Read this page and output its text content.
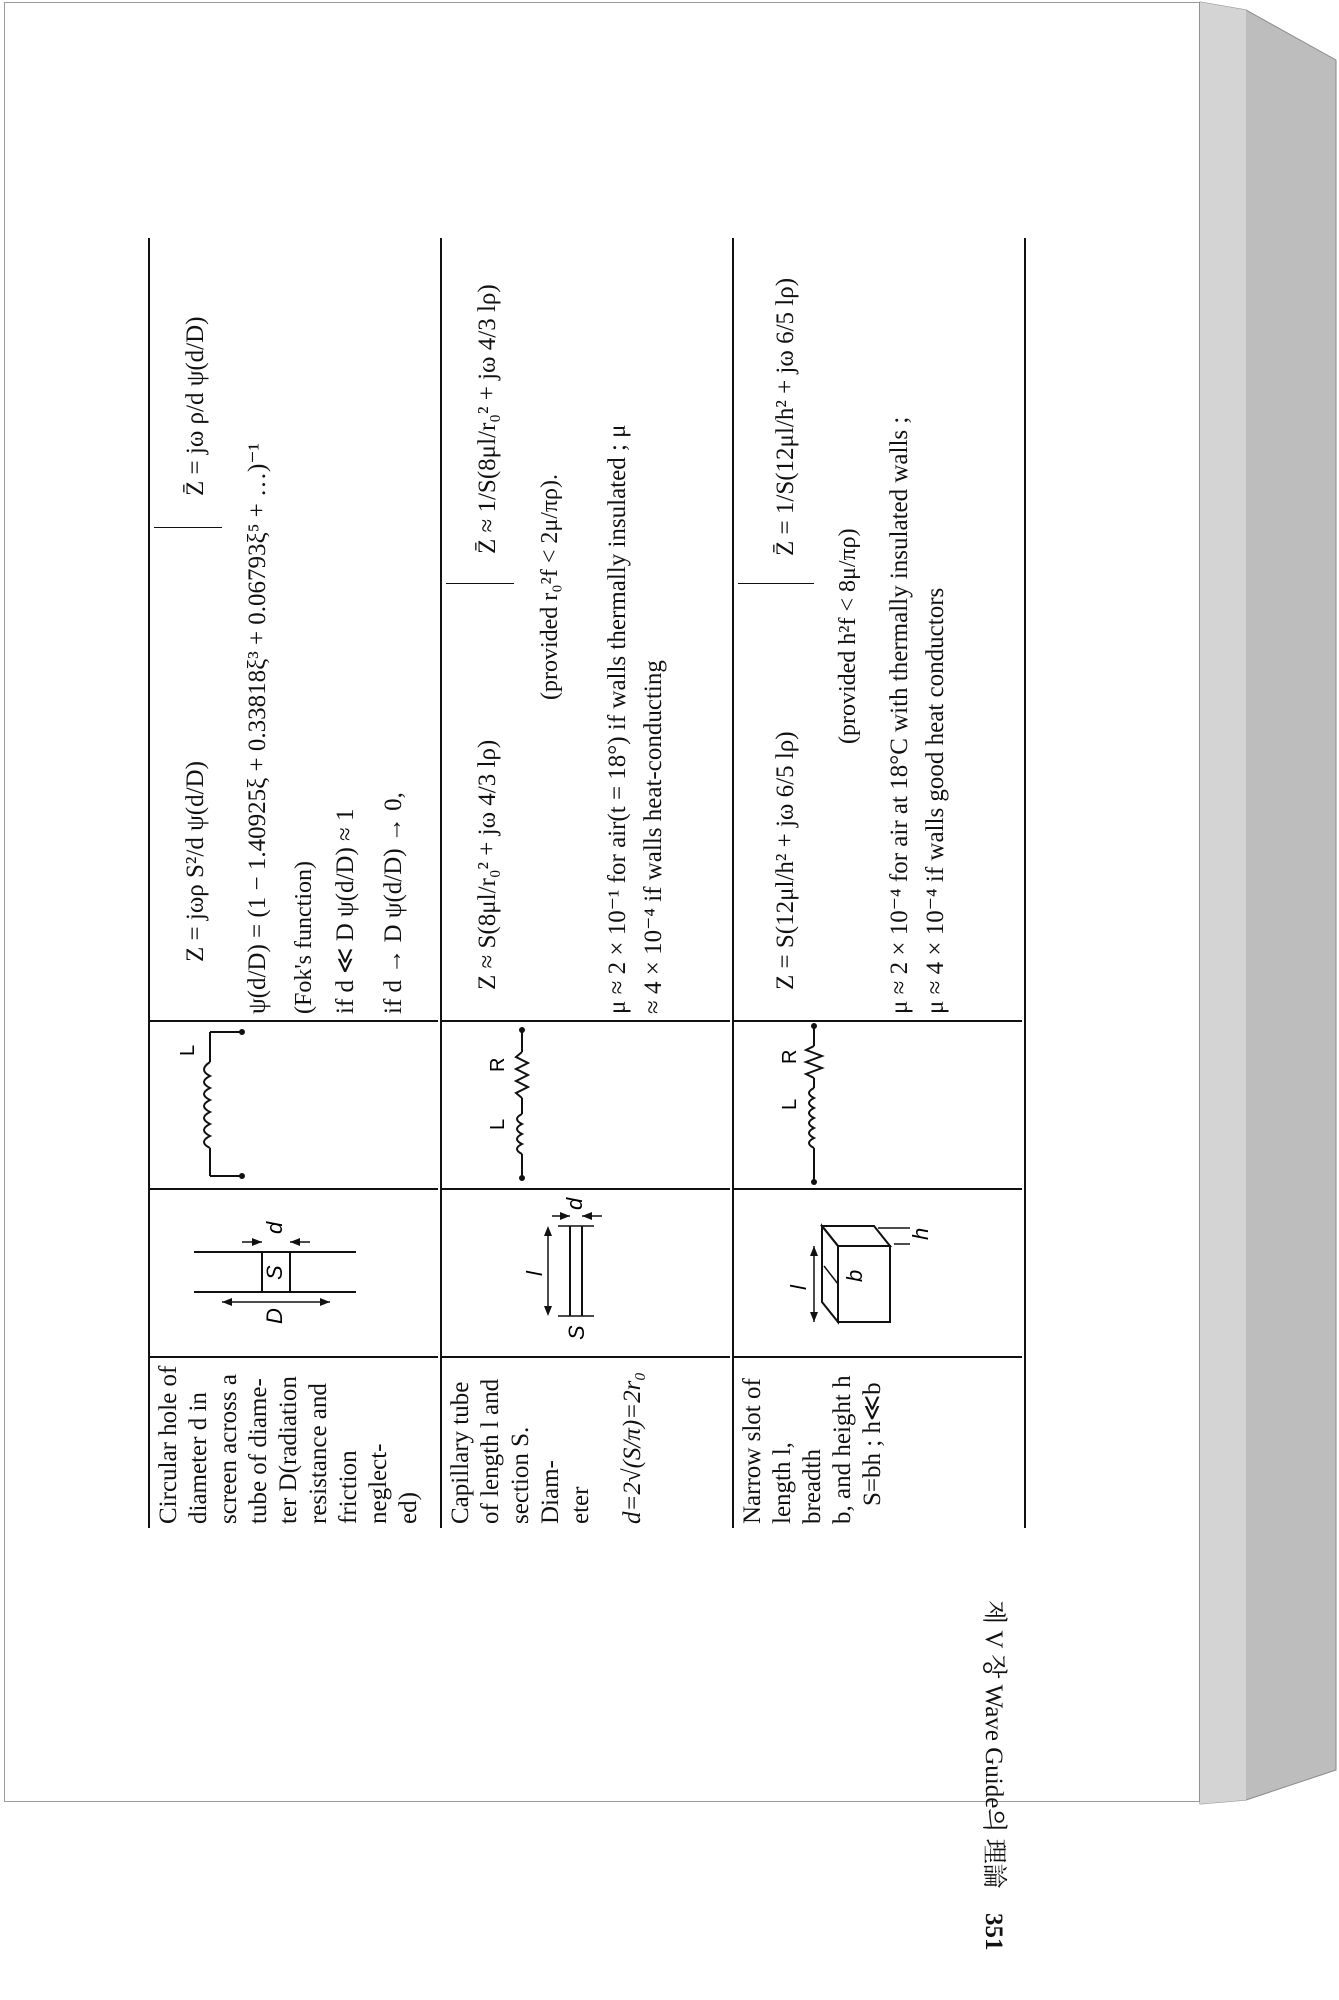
Circular hole of diameter d in screen across a tube of diame- ter D(radiation resistance and friction neglect- ed)
D
S
d
L
Z = jωρ S²/d ψ(d/D)
Z̄ = jω ρ/d ψ(d/D)
ψ(d/D) = (1 − 1.40925ξ + 0.33818ξ³ + 0.06793ξ⁵ + …)⁻¹ (Fok's function) if d ≪ D ψ(d/D) ≈ 1 if d → D ψ(d/D) → 0,
Capillary tube of length l and section S. Diam- eter d=2√(S/π)=2r₀
S
l
d
L
R
Z ≈ S(8μl/r₀² + jω 4/3 lρ)
Z̄ ≈ 1/S(8μl/r₀² + jω 4/3 lρ)
(provided r₀²f < 2μ/πρ). μ ≈ 2 × 10⁻¹ for air(t = 18°) if walls thermally insulated ; μ ≈ 4 × 10⁻⁴ if walls heat-conducting
Narrow slot of length l, breadth b, and height h S=bh ; h≪b
l
b
h
L
R
Z = S(12μl/h² + jω 6/5 lρ)
Z̄ = 1/S(12μl/h² + jω 6/5 lρ)
(provided h²f < 8μ/πρ) μ ≈ 2 × 10⁻⁴ for air at 18°C with thermally insulated walls ; μ ≈ 4 × 10⁻⁴ if walls good heat conductors
제 V 장 Wave Guide의 理論 351
